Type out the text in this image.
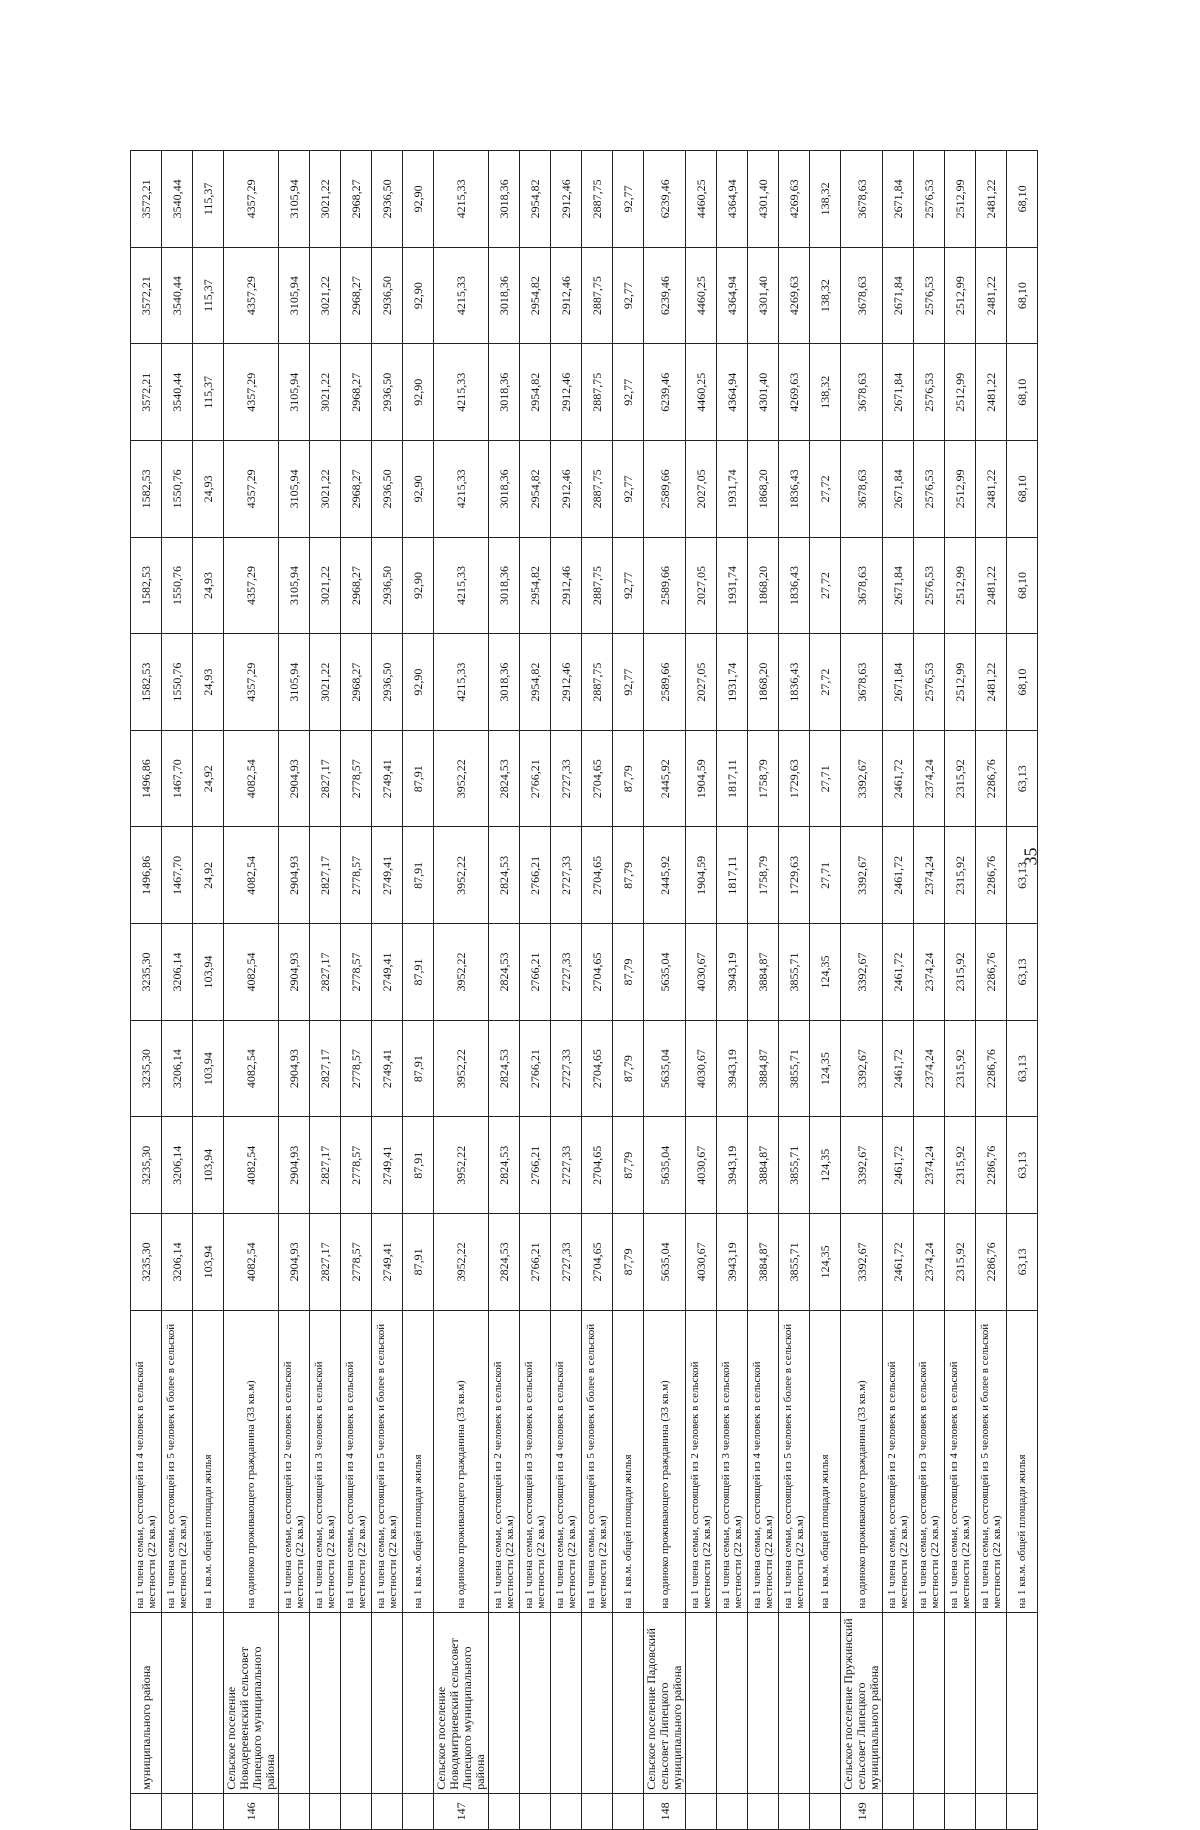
	муниципального района	на 1 члена семьи, состоящей из 4 человек в сельской местности (22 кв.м)	3235,30	3235,30	3235,30	3235,30	1496,86	1496,86	1582,53	1582,53	1582,53	3572,21	3572,21	3572,21
		на 1 члена семьи, состоящей из 5 человек и более в сельской местности (22 кв.м)	3206,14	3206,14	3206,14	3206,14	1467,70	1467,70	1550,76	1550,76	1550,76	3540,44	3540,44	3540,44
		на 1 кв.м. общей площади жилья	103,94	103,94	103,94	103,94	24,92	24,92	24,93	24,93	24,93	115,37	115,37	115,37
146	Сельское поселение Новодеревенский сельсовет Липецкого муниципального района	на одиноко проживающего гражданина (33 кв.м)	4082,54	4082,54	4082,54	4082,54	4082,54	4082,54	4357,29	4357,29	4357,29	4357,29	4357,29	4357,29
		на 1 члена семьи, состоящей из 2 человек в сельской местности (22 кв.м)	2904,93	2904,93	2904,93	2904,93	2904,93	2904,93	3105,94	3105,94	3105,94	3105,94	3105,94	3105,94
		на 1 члена семьи, состоящей из 3 человек в сельской местности (22 кв.м)	2827,17	2827,17	2827,17	2827,17	2827,17	2827,17	3021,22	3021,22	3021,22	3021,22	3021,22	3021,22
		на 1 члена семьи, состоящей из 4 человек в сельской местности (22 кв.м)	2778,57	2778,57	2778,57	2778,57	2778,57	2778,57	2968,27	2968,27	2968,27	2968,27	2968,27	2968,27
		на 1 члена семьи, состоящей из 5 человек и более в сельской местности (22 кв.м)	2749,41	2749,41	2749,41	2749,41	2749,41	2749,41	2936,50	2936,50	2936,50	2936,50	2936,50	2936,50
		на 1 кв.м. общей площади жилья	87,91	87,91	87,91	87,91	87,91	87,91	92,90	92,90	92,90	92,90	92,90	92,90
147	Сельское поселение Новодмитриевский сельсовет Липецкого муниципального района	на одиноко проживающего гражданина (33 кв.м)	3952,22	3952,22	3952,22	3952,22	3952,22	3952,22	4215,33	4215,33	4215,33	4215,33	4215,33	4215,33
		на 1 члена семьи, состоящей из 2 человек в сельской местности (22 кв.м)	2824,53	2824,53	2824,53	2824,53	2824,53	2824,53	3018,36	3018,36	3018,36	3018,36	3018,36	3018,36
		на 1 члена семьи, состоящей из 3 человек в сельской местности (22 кв.м)	2766,21	2766,21	2766,21	2766,21	2766,21	2766,21	2954,82	2954,82	2954,82	2954,82	2954,82	2954,82
		на 1 члена семьи, состоящей из 4 человек в сельской местности (22 кв.м)	2727,33	2727,33	2727,33	2727,33	2727,33	2727,33	2912,46	2912,46	2912,46	2912,46	2912,46	2912,46
		на 1 члена семьи, состоящей из 5 человек и более в сельской местности (22 кв.м)	2704,65	2704,65	2704,65	2704,65	2704,65	2704,65	2887,75	2887,75	2887,75	2887,75	2887,75	2887,75
		на 1 кв.м. общей площади жилья	87,79	87,79	87,79	87,79	87,79	87,79	92,77	92,77	92,77	92,77	92,77	92,77
148	Сельское поселение Падовский сельсовет Липецкого муниципального района	на одиноко проживающего гражданина (33 кв.м)	5635,04	5635,04	5635,04	5635,04	2445,92	2445,92	2589,66	2589,66	2589,66	6239,46	6239,46	6239,46
		на 1 члена семьи, состоящей из 2 человек в сельской местности (22 кв.м)	4030,67	4030,67	4030,67	4030,67	1904,59	1904,59	2027,05	2027,05	2027,05	4460,25	4460,25	4460,25
		на 1 члена семьи, состоящей из 3 человек в сельской местности (22 кв.м)	3943,19	3943,19	3943,19	3943,19	1817,11	1817,11	1931,74	1931,74	1931,74	4364,94	4364,94	4364,94
		на 1 члена семьи, состоящей из 4 человек в сельской местности (22 кв.м)	3884,87	3884,87	3884,87	3884,87	1758,79	1758,79	1868,20	1868,20	1868,20	4301,40	4301,40	4301,40
		на 1 члена семьи, состоящей из 5 человек и более в сельской местности (22 кв.м)	3855,71	3855,71	3855,71	3855,71	1729,63	1729,63	1836,43	1836,43	1836,43	4269,63	4269,63	4269,63
		на 1 кв.м. общей площади жилья	124,35	124,35	124,35	124,35	27,71	27,71	27,72	27,72	27,72	138,32	138,32	138,32
149	Сельское поселение Пружинский сельсовет Липецкого муниципального района	на одиноко проживающего гражданина (33 кв.м)	3392,67	3392,67	3392,67	3392,67	3392,67	3392,67	3678,63	3678,63	3678,63	3678,63	3678,63	3678,63
		на 1 члена семьи, состоящей из 2 человек в сельской местности (22 кв.м)	2461,72	2461,72	2461,72	2461,72	2461,72	2461,72	2671,84	2671,84	2671,84	2671,84	2671,84	2671,84
		на 1 члена семьи, состоящей из 3 человек в сельской местности (22 кв.м)	2374,24	2374,24	2374,24	2374,24	2374,24	2374,24	2576,53	2576,53	2576,53	2576,53	2576,53	2576,53
		на 1 члена семьи, состоящей из 4 человек в сельской местности (22 кв.м)	2315,92	2315,92	2315,92	2315,92	2315,92	2315,92	2512,99	2512,99	2512,99	2512,99	2512,99	2512,99
		на 1 члена семьи, состоящей из 5 человек и более в сельской местности (22 кв.м)	2286,76	2286,76	2286,76	2286,76	2286,76	2286,76	2481,22	2481,22	2481,22	2481,22	2481,22	2481,22
		на 1 кв.м. общей площади жилья	63,13	63,13	63,13	63,13	63,13	63,13	68,10	68,10	68,10	68,10	68,10	68,10
35
